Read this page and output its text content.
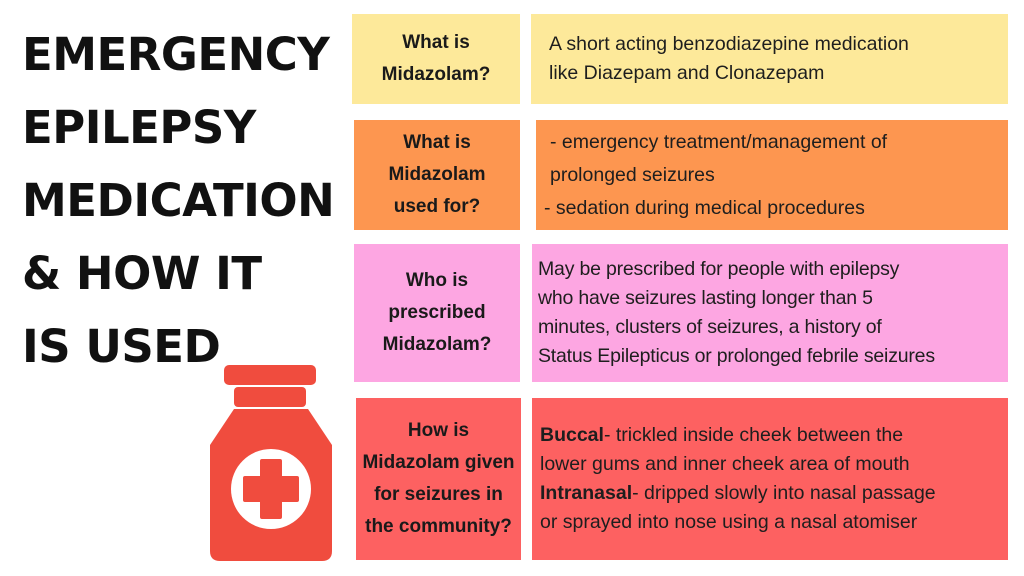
EMERGENCY
EPILEPSY
MEDICATION
& HOW IT
IS USED
What is Midazolam?
A short acting benzodiazepine medication
like Diazepam and Clonazepam
What is Midazolam used for?
- emergency treatment/management of
prolonged seizures
- sedation during medical procedures
Who is prescribed Midazolam?
May be prescribed for people with epilepsy
who have seizures lasting longer than 5
minutes, clusters of seizures, a history of
Status Epilepticus or prolonged febrile seizures
How is Midazolam given for seizures in the community?
Buccal- trickled inside cheek between the
lower gums and inner cheek area of mouth
Intranasal- dripped slowly into nasal passage
or sprayed into nose using a nasal atomiser
